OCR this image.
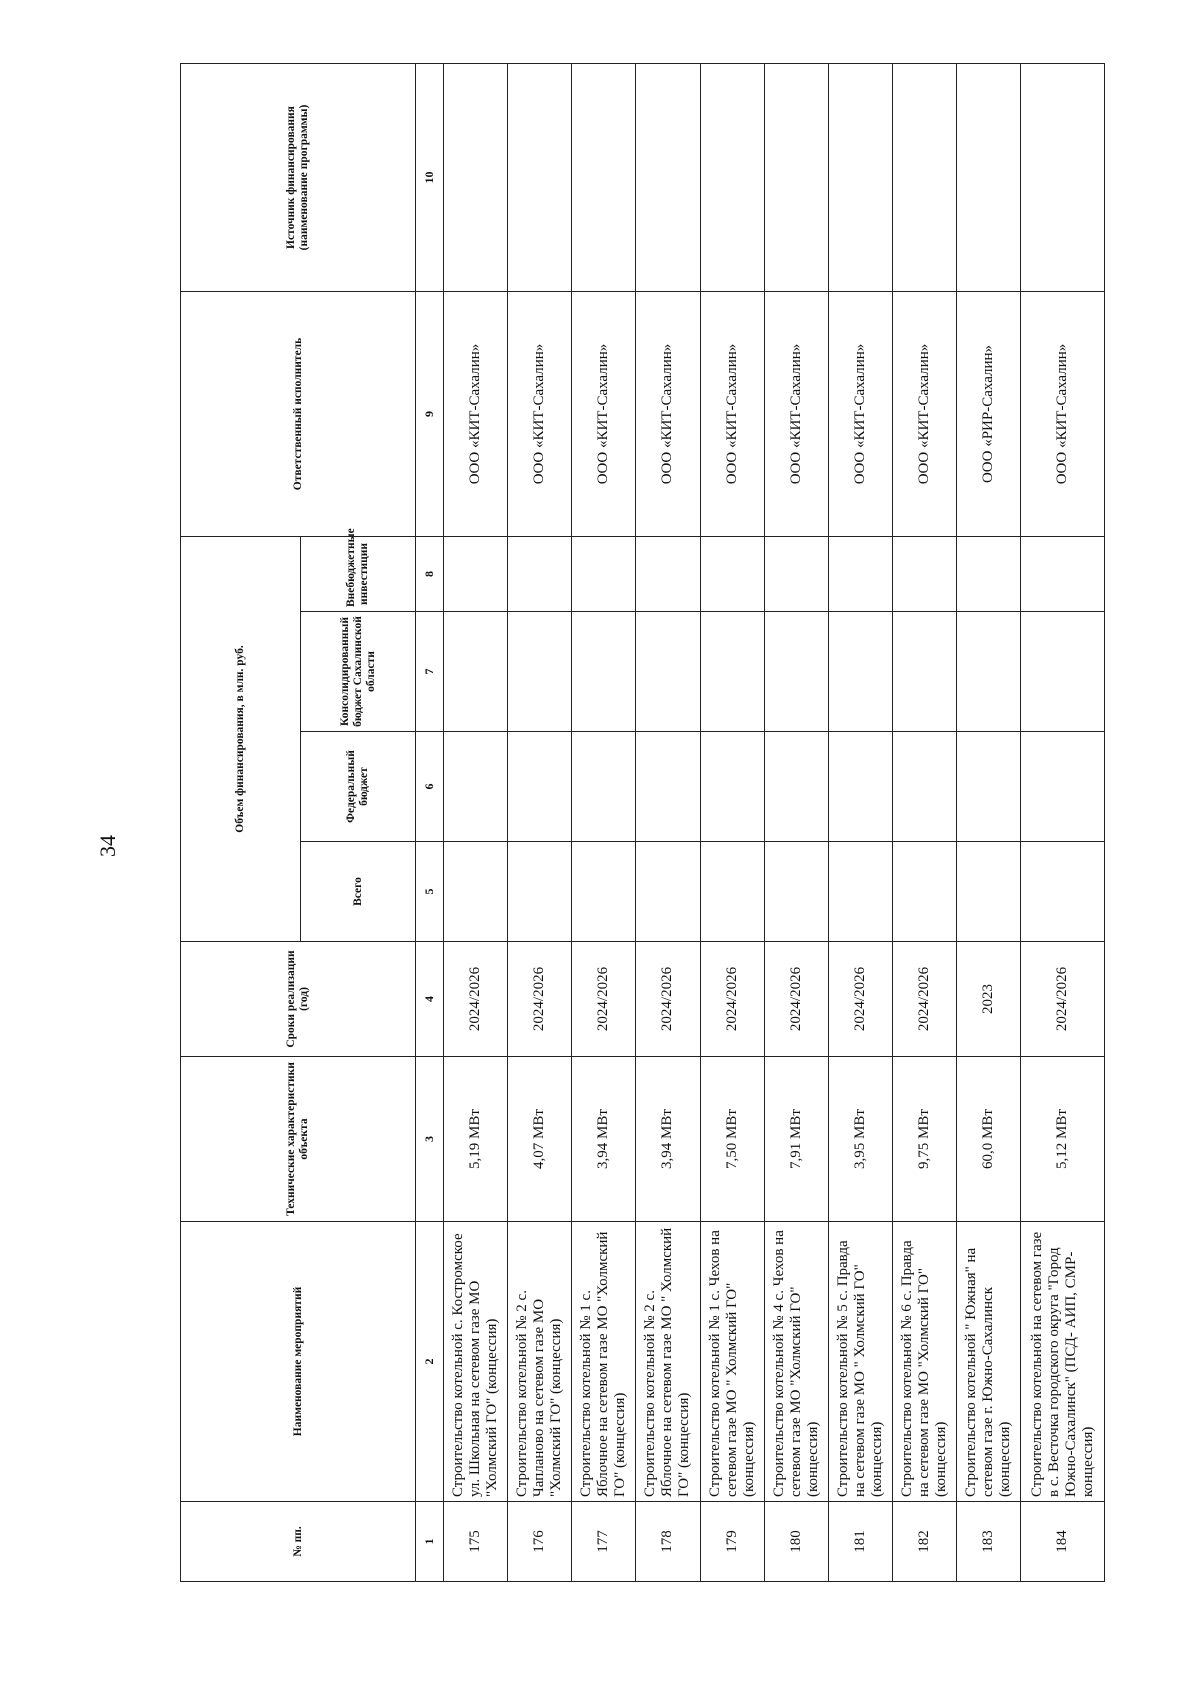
34
№ пп.	Наименование мероприятий	Технические характеристики объекта	Сроки реализации (год)	Объем финансирования, в млн. руб.				Ответственный исполнитель	Источник финансирования (наименование программы)
				Всего	Федеральный бюджет	Консолидированный бюджет Сахалинской области	Внебюджетные инвестиции		
1	2	3	4	5	6	7	8	9	10
175	Строительство котельной с. Костромское ул. Школьная на сетевом газе МО "Холмский ГО" (концессия)	5,19 МВт	2024/2026					ООО «КИТ-Сахалин»	
176	Строительство котельной № 2 с. Чапланово на сетевом газе МО "Холмский ГО" (концессия)	4,07 МВт	2024/2026					ООО «КИТ-Сахалин»	
177	Строительство котельной № 1 с. Яблочное на сетевом газе МО "Холмский ГО" (концессия)	3,94 МВт	2024/2026					ООО «КИТ-Сахалин»	
178	Строительство котельной № 2 с. Яблочное на сетевом газе МО " Холмский ГО" (концессия)	3,94 МВт	2024/2026					ООО «КИТ-Сахалин»	
179	Строительство котельной № 1 с. Чехов на сетевом газе МО " Холмский ГО" (концессия)	7,50 МВт	2024/2026					ООО «КИТ-Сахалин»	
180	Строительство котельной № 4 с. Чехов на сетевом газе МО "Холмский ГО" (концессия)	7,91 МВт	2024/2026					ООО «КИТ-Сахалин»	
181	Строительство котельной № 5 с. Правда на сетевом газе МО " Холмский ГО" (концессия)	3,95 МВт	2024/2026					ООО «КИТ-Сахалин»	
182	Строительство котельной № 6 с. Правда на сетевом газе МО "Холмский ГО" (концессия)	9,75 МВт	2024/2026					ООО «КИТ-Сахалин»	
183	Строительство котельной " Южная" на сетевом газе г. Южно-Сахалинск (концессия)	60,0 МВт	2023					ООО «РИР-Сахалин»	
184	Строительство котельной на сетевом газе в с. Весточка городского округа "Город Южно-Сахалинск" (ПСД- АИП, СМР- концессия)	5,12 МВт	2024/2026					ООО «КИТ-Сахалин»	
